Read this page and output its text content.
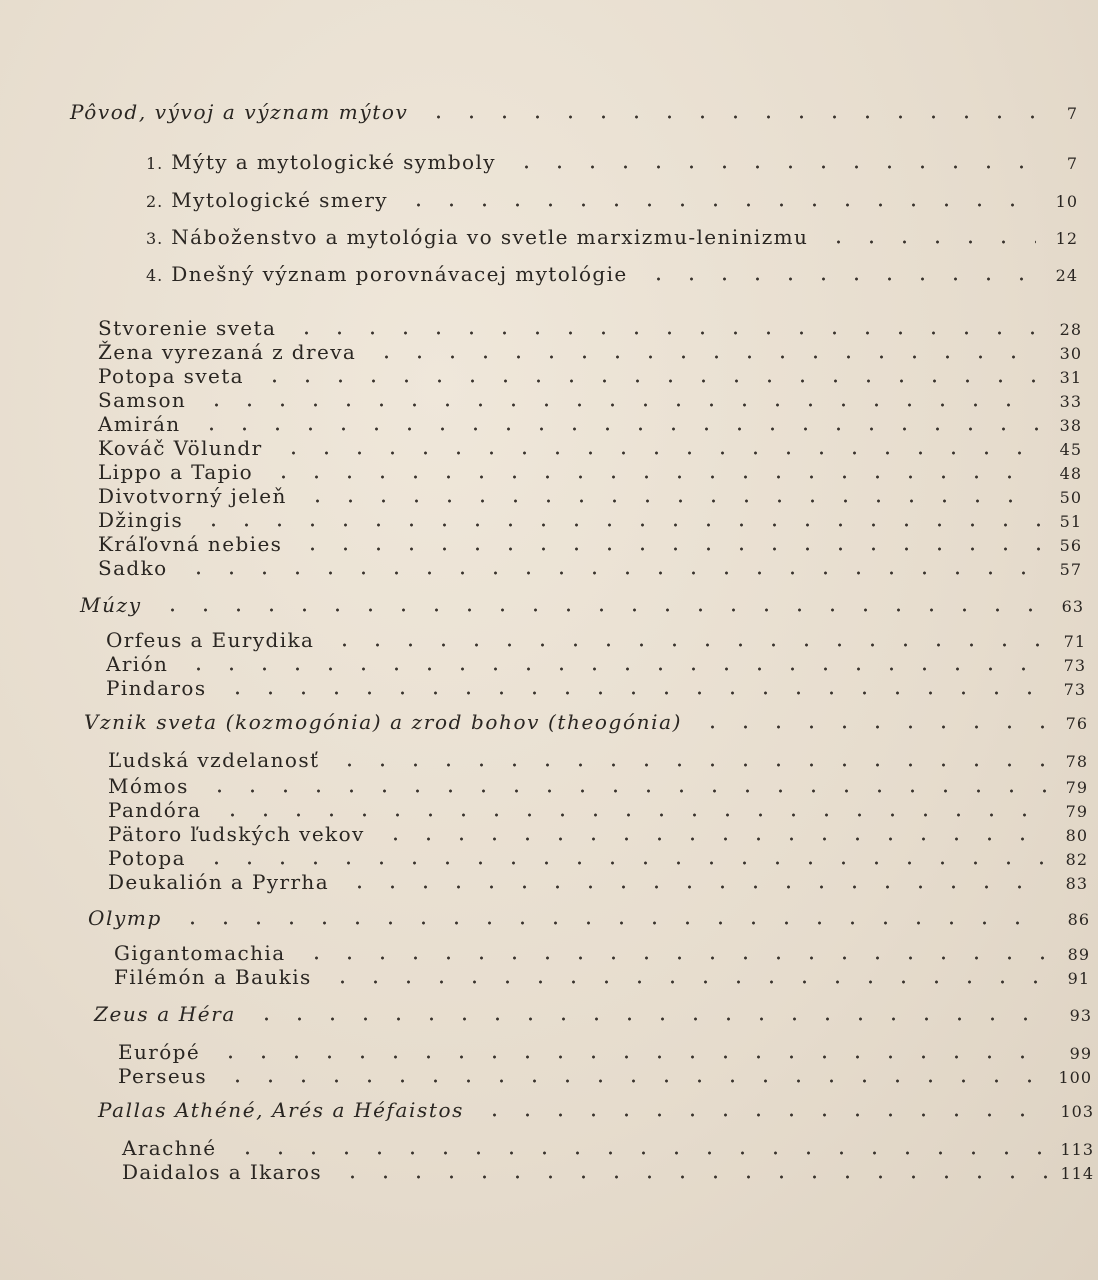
Pôvod, vývoj a význam mýtov	7
1. Mýty a mytologické symboly	7
2. Mytologické smery	10
3. Náboženstvo a mytológia vo svetle marxizmu-leninizmu	12
4. Dnešný význam porovnávacej mytológie	24
Stvorenie sveta	28
Žena vyrezaná z dreva	30
Potopa sveta	31
Samson	33
Amirán	38
Kováč Völundr	45
Lippo a Tapio	48
Divotvorný jeleň	50
Džingis	51
Kráľovná nebies	56
Sadko	57
Múzy	63
Orfeus a Eurydika	71
Arión	73
Pindaros	73
Vznik sveta (kozmogónia) a zrod bohov (theogónia)	76
Ľudská vzdelanosť	78
Mómos	79
Pandóra	79
Pätoro ľudských vekov	80
Potopa	82
Deukalión a Pyrrha	83
Olymp	86
Gigantomachia	89
Filémón a Baukis	91
Zeus a Héra	93
Európé	99
Perseus	100
Pallas Athéné, Arés a Héfaistos	103
Arachné	113
Daidalos a Ikaros	114
